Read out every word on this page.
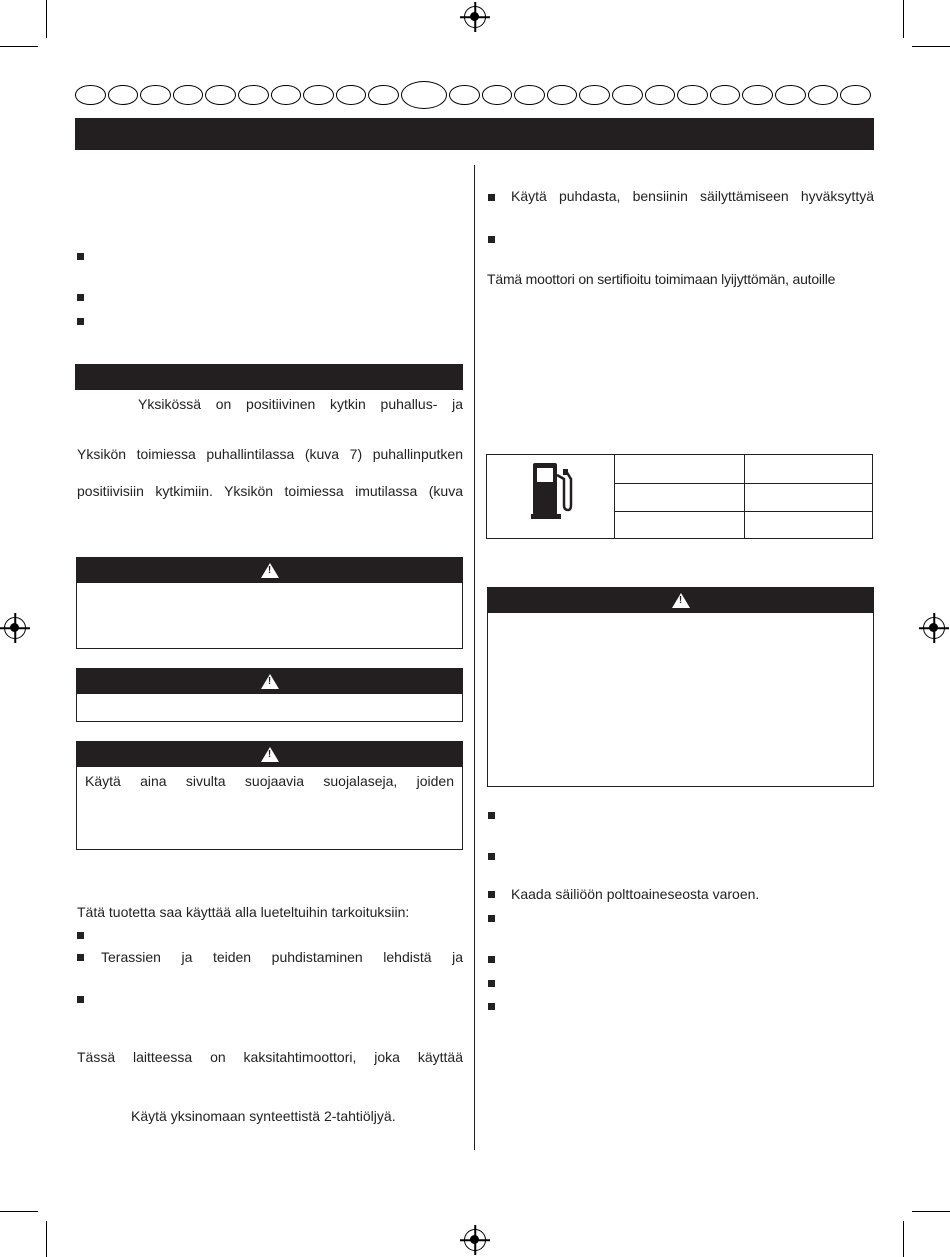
Yksikössä on positiivinen kytkin puhallus- ja
Yksikön toimiessa puhallintilassa (kuva 7) puhallinputken
positiivisiin kytkimiin. Yksikön toimiessa imutilassa (kuva
!
!
!
Käytä aina sivulta suojaavia suojalaseja, joiden
Tätä tuotetta saa käyttää alla lueteltuihin tarkoituksiin:
Terassien ja teiden puhdistaminen lehdistä ja
Tässä laitteessa on kaksitahtimoottori, joka käyttää
Käytä yksinomaan synteettistä 2-tahtiöljyä.
Käytä puhdasta, bensiinin säilyttämiseen hyväksyttyä
Tämä moottori on sertifioitu toimimaan lyijyttömän, autoille
!
Kaada säiliöön polttoaineseosta varoen.
